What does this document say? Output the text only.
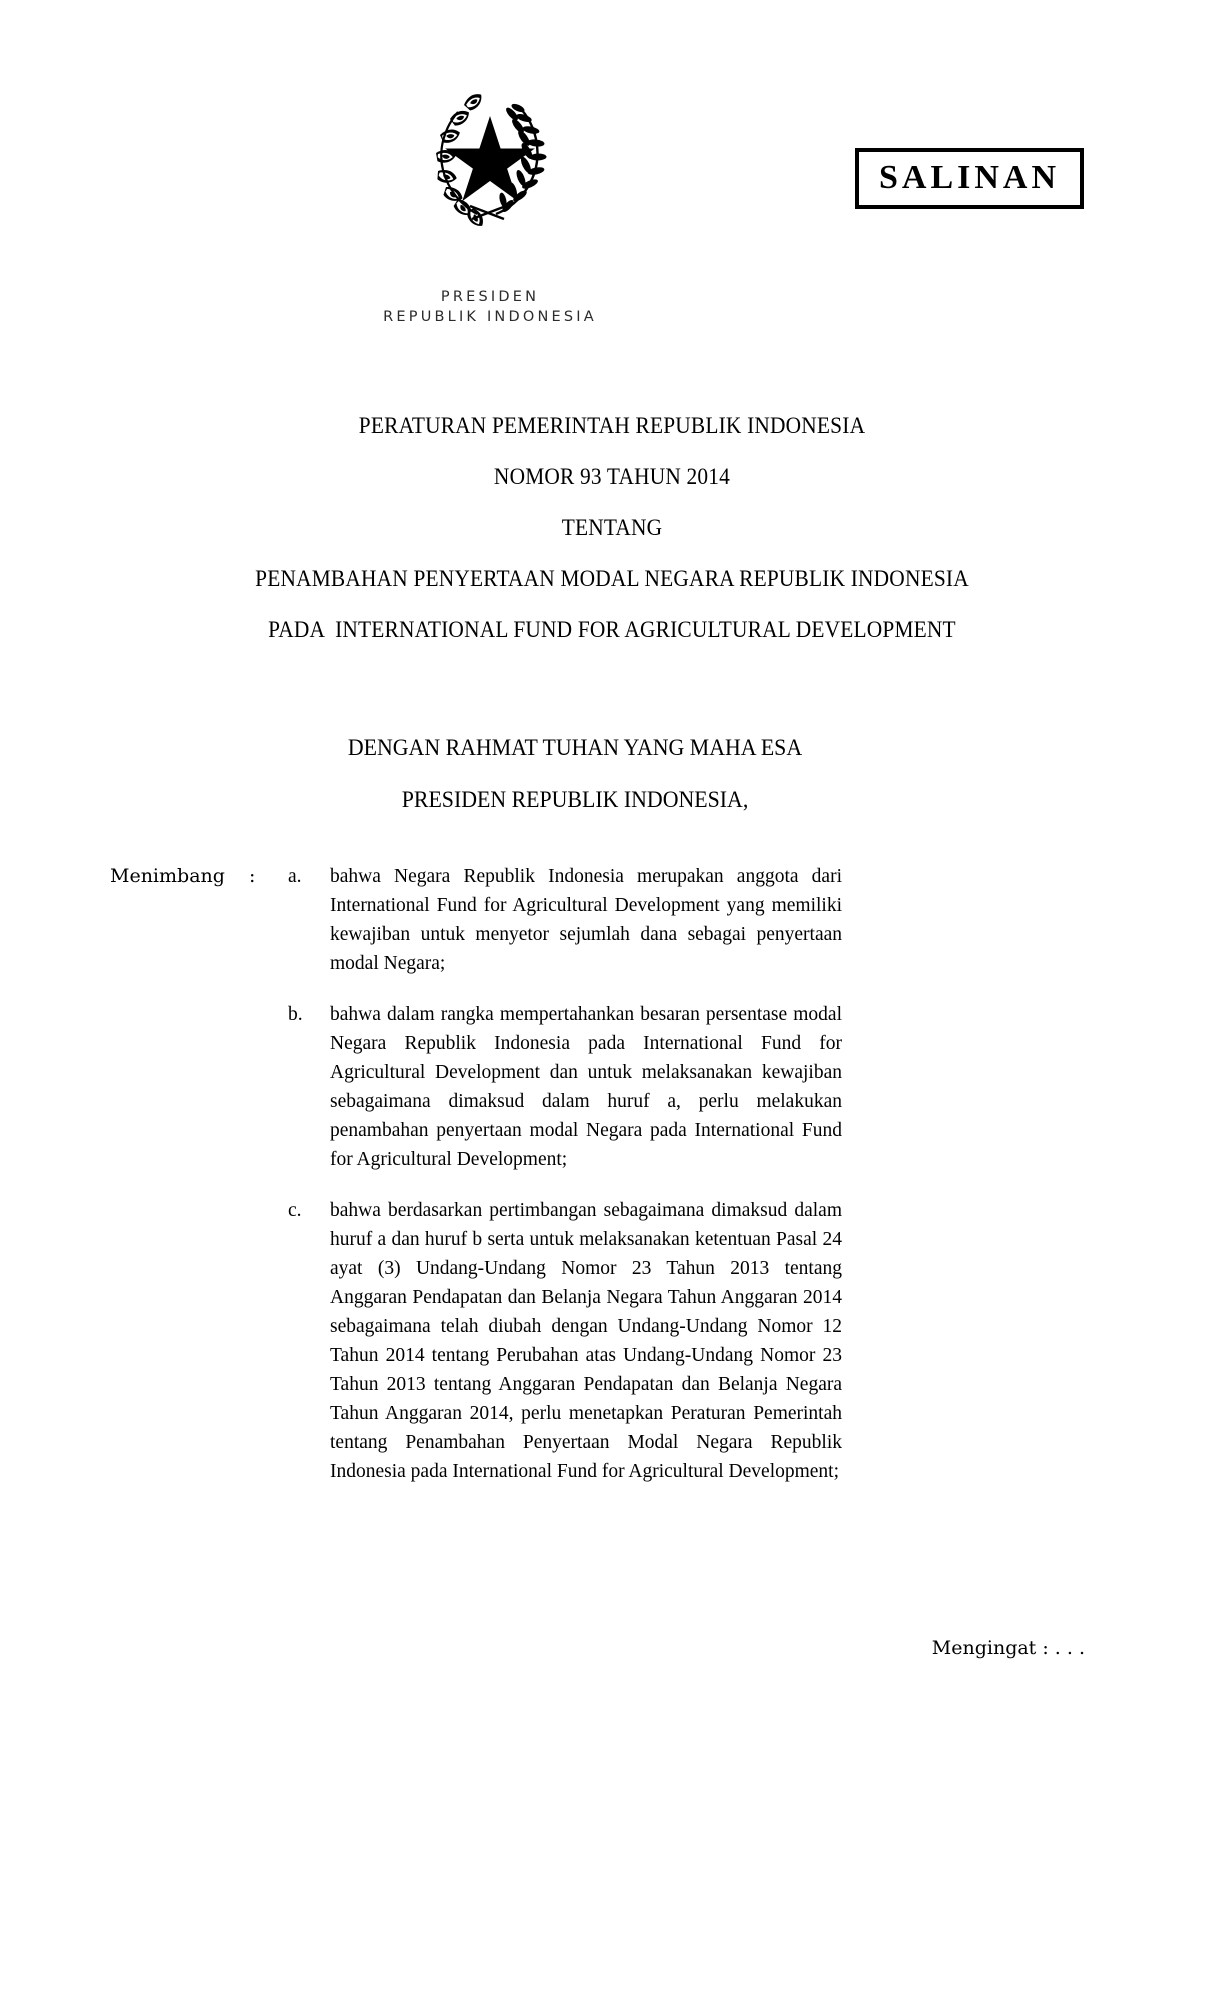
SALINAN
PRESIDEN
REPUBLIK INDONESIA
PERATURAN PEMERINTAH REPUBLIK INDONESIA
NOMOR 93 TAHUN 2014
TENTANG
PENAMBAHAN PENYERTAAN MODAL NEGARA REPUBLIK INDONESIA
PADA  INTERNATIONAL FUND FOR AGRICULTURAL DEVELOPMENT
DENGAN RAHMAT TUHAN YANG MAHA ESA
PRESIDEN REPUBLIK INDONESIA,
Menimbang : a. bahwa Negara Republik Indonesia merupakan anggota dari International Fund for Agricultural Development yang memiliki kewajiban untuk menyetor sejumlah dana sebagai penyertaan modal Negara;
b. bahwa dalam rangka mempertahankan besaran persentase modal Negara Republik Indonesia pada International Fund for Agricultural Development dan untuk melaksanakan kewajiban sebagaimana dimaksud dalam huruf a, perlu melakukan penambahan penyertaan modal Negara pada International Fund for Agricultural Development;
c. bahwa berdasarkan pertimbangan sebagaimana dimaksud dalam huruf a dan huruf b serta untuk melaksanakan ketentuan Pasal 24 ayat (3) Undang-Undang Nomor 23 Tahun 2013 tentang Anggaran Pendapatan dan Belanja Negara Tahun Anggaran 2014 sebagaimana telah diubah dengan Undang-Undang Nomor 12 Tahun 2014 tentang Perubahan atas Undang-Undang Nomor 23 Tahun 2013 tentang Anggaran Pendapatan dan Belanja Negara Tahun Anggaran 2014, perlu menetapkan Peraturan Pemerintah tentang Penambahan Penyertaan Modal Negara Republik Indonesia pada International Fund for Agricultural Development;
Mengingat : . . .
